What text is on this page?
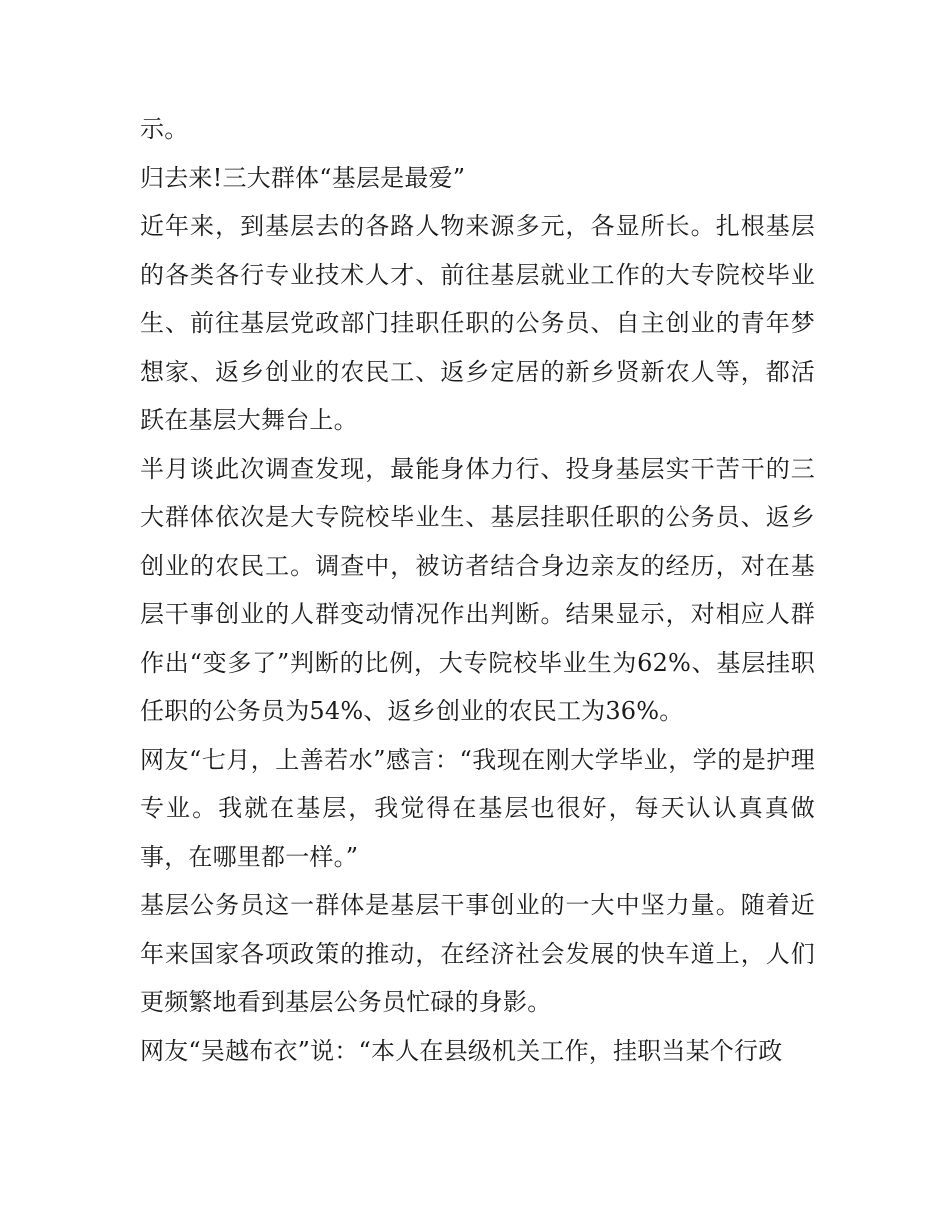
示。

归去来!三大群体“基层是最爱”

近年来，到基层去的各路人物来源多元，各显所长。扎根基层的各类各行专业技术人才、前往基层就业工作的大专院校毕业生、前往基层党政部门挂职任职的公务员、自主创业的青年梦想家、返乡创业的农民工、返乡定居的新乡贤新农人等，都活跃在基层大舞台上。

半月谈此次调查发现，最能身体力行、投身基层实干苦干的三大群体依次是大专院校毕业生、基层挂职任职的公务员、返乡创业的农民工。调查中，被访者结合身边亲友的经历，对在基层干事创业的人群变动情况作出判断。结果显示，对相应人群作出“变多了”判断的比例，大专院校毕业生为62%、基层挂职任职的公务员为54%、返乡创业的农民工为36%。

网友“七月，上善若水”感言：“我现在刚大学毕业，学的是护理专业。我就在基层，我觉得在基层也很好，每天认认真真做事，在哪里都一样。”

基层公务员这一群体是基层干事创业的一大中坚力量。随着近年来国家各项政策的推动，在经济社会发展的快车道上，人们更频繁地看到基层公务员忙碌的身影。

网友“吴越布衣”说：“本人在县级机关工作，挂职当某个行政
